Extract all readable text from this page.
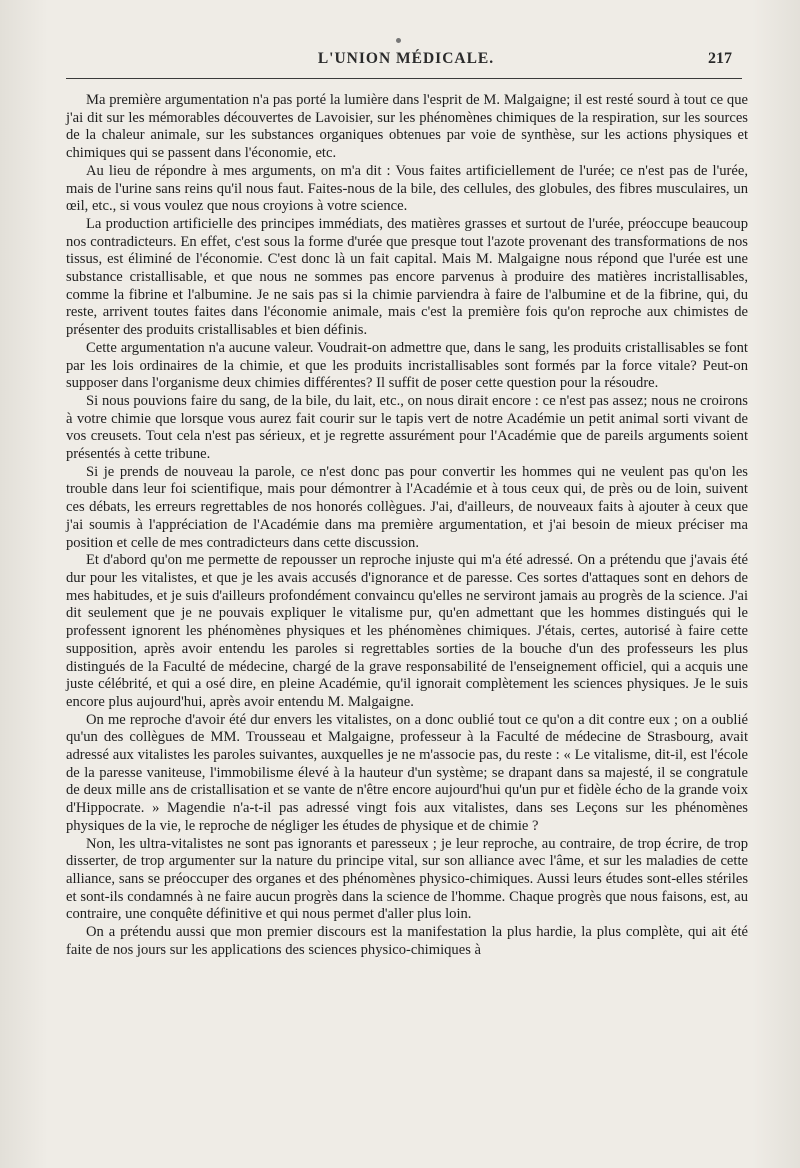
L'UNION MÉDICALE.	217

Ma première argumentation n'a pas porté la lumière dans l'esprit de M. Malgaigne; il est resté sourd à tout ce que j'ai dit sur les mémorables découvertes de Lavoisier, sur les phénomènes chimiques de la respiration, sur les sources de la chaleur animale, sur les substances organiques obtenues par voie de synthèse, sur les actions physiques et chimiques qui se passent dans l'économie, etc.

Au lieu de répondre à mes arguments, on m'a dit : Vous faites artificiellement de l'urée; ce n'est pas de l'urée, mais de l'urine sans reins qu'il nous faut. Faites-nous de la bile, des cellules, des globules, des fibres musculaires, un œil, etc., si vous voulez que nous croyions à votre science.

La production artificielle des principes immédiats, des matières grasses et surtout de l'urée, préoccupe beaucoup nos contradicteurs. En effet, c'est sous la forme d'urée que presque tout l'azote provenant des transformations de nos tissus, est éliminé de l'économie. C'est donc là un fait capital. Mais M. Malgaigne nous répond que l'urée est une substance cristallisable, et que nous ne sommes pas encore parvenus à produire des matières incristallisables, comme la fibrine et l'albumine. Je ne sais pas si la chimie parviendra à faire de l'albumine et de la fibrine, qui, du reste, arrivent toutes faites dans l'économie animale, mais c'est la première fois qu'on reproche aux chimistes de présenter des produits cristallisables et bien définis.

Cette argumentation n'a aucune valeur. Voudrait-on admettre que, dans le sang, les produits cristallisables se font par les lois ordinaires de la chimie, et que les produits incristallisables sont formés par la force vitale? Peut-on supposer dans l'organisme deux chimies différentes? Il suffit de poser cette question pour la résoudre.

Si nous pouvions faire du sang, de la bile, du lait, etc., on nous dirait encore : ce n'est pas assez; nous ne croirons à votre chimie que lorsque vous aurez fait courir sur le tapis vert de notre Académie un petit animal sorti vivant de vos creusets. Tout cela n'est pas sérieux, et je regrette assurément pour l'Académie que de pareils arguments soient présentés à cette tribune.

Si je prends de nouveau la parole, ce n'est donc pas pour convertir les hommes qui ne veulent pas qu'on les trouble dans leur foi scientifique, mais pour démontrer à l'Académie et à tous ceux qui, de près ou de loin, suivent ces débats, les erreurs regrettables de nos honorés collègues. J'ai, d'ailleurs, de nouveaux faits à ajouter à ceux que j'ai soumis à l'appréciation de l'Académie dans ma première argumentation, et j'ai besoin de mieux préciser ma position et celle de mes contradicteurs dans cette discussion.

Et d'abord qu'on me permette de repousser un reproche injuste qui m'a été adressé. On a prétendu que j'avais été dur pour les vitalistes, et que je les avais accusés d'ignorance et de paresse. Ces sortes d'attaques sont en dehors de mes habitudes, et je suis d'ailleurs profondément convaincu qu'elles ne serviront jamais au progrès de la science. J'ai dit seulement que je ne pouvais expliquer le vitalisme pur, qu'en admettant que les hommes distingués qui le professent ignorent les phénomènes physiques et les phénomènes chimiques. J'étais, certes, autorisé à faire cette supposition, après avoir entendu les paroles si regrettables sorties de la bouche d'un des professeurs les plus distingués de la Faculté de médecine, chargé de la grave responsabilité de l'enseignement officiel, qui a acquis une juste célébrité, et qui a osé dire, en pleine Académie, qu'il ignorait complètement les sciences physiques. Je le suis encore plus aujourd'hui, après avoir entendu M. Malgaigne.

On me reproche d'avoir été dur envers les vitalistes, on a donc oublié tout ce qu'on a dit contre eux ; on a oublié qu'un des collègues de MM. Trousseau et Malgaigne, professeur à la Faculté de médecine de Strasbourg, avait adressé aux vitalistes les paroles suivantes, auxquelles je ne m'associe pas, du reste : « Le vitalisme, dit-il, est l'école de la paresse vaniteuse, l'immobilisme élevé à la hauteur d'un système; se drapant dans sa majesté, il se congratule de deux mille ans de cristallisation et se vante de n'être encore aujourd'hui qu'un pur et fidèle écho de la grande voix d'Hippocrate. » Magendie n'a-t-il pas adressé vingt fois aux vitalistes, dans ses Leçons sur les phénomènes physiques de la vie, le reproche de négliger les études de physique et de chimie ?

Non, les ultra-vitalistes ne sont pas ignorants et paresseux ; je leur reproche, au contraire, de trop écrire, de trop disserter, de trop argumenter sur la nature du principe vital, sur son alliance avec l'âme, et sur les maladies de cette alliance, sans se préoccuper des organes et des phénomènes physico-chimiques. Aussi leurs études sont-elles stériles et sont-ils condamnés à ne faire aucun progrès dans la science de l'homme. Chaque progrès que nous faisons, est, au contraire, une conquête définitive et qui nous permet d'aller plus loin.

On a prétendu aussi que mon premier discours est la manifestation la plus hardie, la plus complète, qui ait été faite de nos jours sur les applications des sciences physico-chimiques à
